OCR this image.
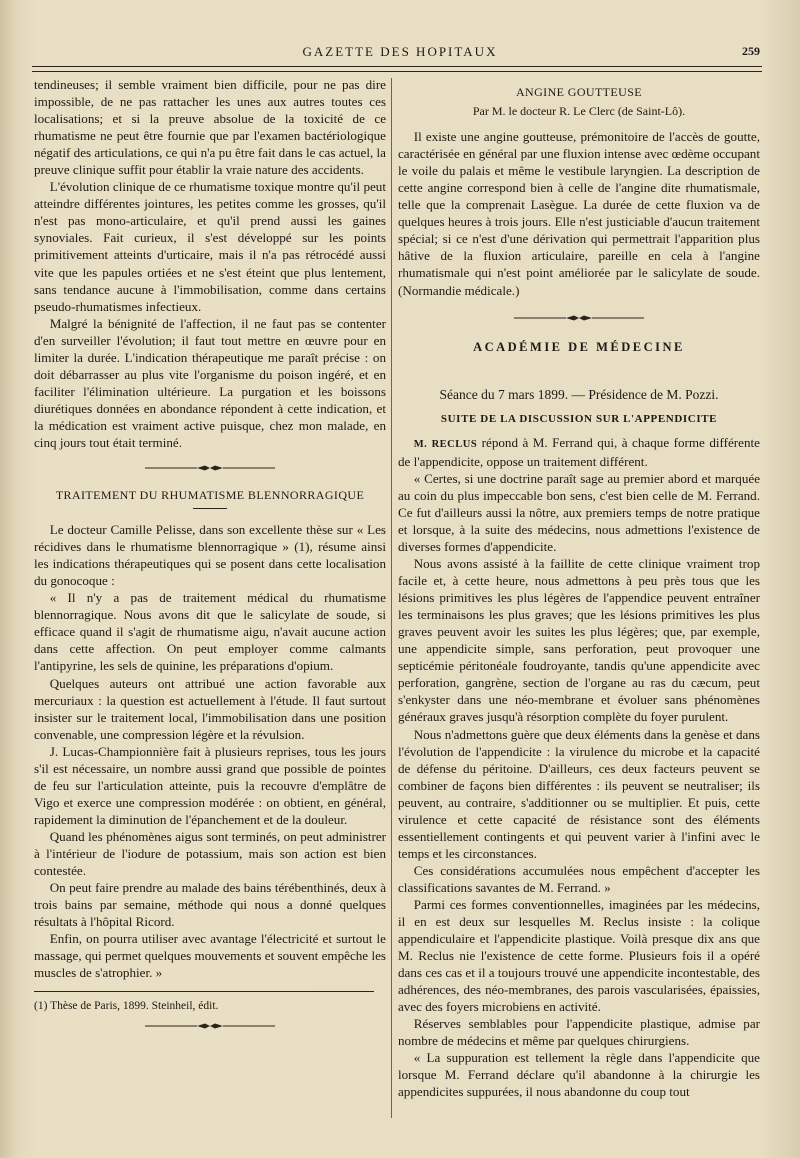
GAZETTE DES HOPITAUX	259

tendineuses; il semble vraiment bien difficile, pour ne pas dire impossible, de ne pas rattacher les unes aux autres toutes ces localisations; et si la preuve absolue de la toxicité de ce rhumatisme ne peut être fournie que par l'examen bactériologique négatif des articulations, ce qui n'a pu être fait dans le cas actuel, la preuve clinique suffit pour établir la vraie nature des accidents.

L'évolution clinique de ce rhumatisme toxique montre qu'il peut atteindre différentes jointures, les petites comme les grosses, qu'il n'est pas mono-articulaire, et qu'il prend aussi les gaines synoviales. Fait curieux, il s'est développé sur les points primitivement atteints d'urticaire, mais il n'a pas rétrocédé aussi vite que les papules ortiées et ne s'est éteint que plus lentement, sans tendance aucune à l'immobilisation, comme dans certains pseudo-rhumatismes infectieux.

Malgré la bénignité de l'affection, il ne faut pas se contenter d'en surveiller l'évolution; il faut tout mettre en œuvre pour en limiter la durée. L'indication thérapeutique me paraît précise : on doit débarrasser au plus vite l'organisme du poison ingéré, et en faciliter l'élimination ultérieure. La purgation et les boissons diurétiques données en abondance répondent à cette indication, et la médication est vraiment active puisque, chez mon malade, en cinq jours tout était terminé.

TRAITEMENT DU RHUMATISME BLENNORRAGIQUE

Le docteur Camille Pelisse, dans son excellente thèse sur « Les récidives dans le rhumatisme blennorragique » (1), résume ainsi les indications thérapeutiques qui se posent dans cette localisation du gonocoque :

« Il n'y a pas de traitement médical du rhumatisme blennorragique. Nous avons dit que le salicylate de soude, si efficace quand il s'agit de rhumatisme aigu, n'avait aucune action dans cette affection. On peut employer comme calmants l'antipyrine, les sels de quinine, les préparations d'opium.

Quelques auteurs ont attribué une action favorable aux mercuriaux : la question est actuellement à l'étude. Il faut surtout insister sur le traitement local, l'immobilisation dans une position convenable, une compression légère et la révulsion.

J. Lucas-Championnière fait à plusieurs reprises, tous les jours s'il est nécessaire, un nombre aussi grand que possible de pointes de feu sur l'articulation atteinte, puis la recouvre d'emplâtre de Vigo et exerce une compression modérée : on obtient, en général, rapidement la diminution de l'épanchement et de la douleur.

Quand les phénomènes aigus sont terminés, on peut administrer à l'intérieur de l'iodure de potassium, mais son action est bien contestée.

On peut faire prendre au malade des bains térébenthinés, deux à trois bains par semaine, méthode qui nous a donné quelques résultats à l'hôpital Ricord.

Enfin, on pourra utiliser avec avantage l'électricité et surtout le massage, qui permet quelques mouvements et souvent empêche les muscles de s'atrophier. »

(1) Thèse de Paris, 1899. Steinheil, édit.

ANGINE GOUTTEUSE

Par M. le docteur R. Le Clerc (de Saint-Lô).

Il existe une angine goutteuse, prémonitoire de l'accès de goutte, caractérisée en général par une fluxion intense avec œdème occupant le voile du palais et même le vestibule laryngien. La description de cette angine correspond bien à celle de l'angine dite rhumatismale, telle que la comprenait Lasègue. La durée de cette fluxion va de quelques heures à trois jours. Elle n'est justiciable d'aucun traitement spécial; si ce n'est d'une dérivation qui permettrait l'apparition plus hâtive de la fluxion articulaire, pareille en cela à l'angine rhumatismale qui n'est point améliorée par le salicylate de soude. (Normandie médicale.)

ACADÉMIE DE MÉDECINE

Séance du 7 mars 1899. — Présidence de M. Pozzi.

SUITE DE LA DISCUSSION SUR L'APPENDICITE

M. RECLUS répond à M. Ferrand qui, à chaque forme différente de l'appendicite, oppose un traitement différent.

« Certes, si une doctrine paraît sage au premier abord et marquée au coin du plus impeccable bon sens, c'est bien celle de M. Ferrand. Ce fut d'ailleurs aussi la nôtre, aux premiers temps de notre pratique et lorsque, à la suite des médecins, nous admettions l'existence de diverses formes d'appendicite.

Nous avons assisté à la faillite de cette clinique vraiment trop facile et, à cette heure, nous admettons à peu près tous que les lésions primitives les plus légères de l'appendice peuvent entraîner les terminaisons les plus graves; que les lésions primitives les plus graves peuvent avoir les suites les plus légères; que, par exemple, une appendicite simple, sans perforation, peut provoquer une septicémie péritonéale foudroyante, tandis qu'une appendicite avec perforation, gangrène, section de l'organe au ras du cæcum, peut s'enkyster dans une néo-membrane et évoluer sans phénomènes généraux graves jusqu'à résorption complète du foyer purulent.

Nous n'admettons guère que deux éléments dans la genèse et dans l'évolution de l'appendicite : la virulence du microbe et la capacité de défense du péritoine. D'ailleurs, ces deux facteurs peuvent se combiner de façons bien différentes : ils peuvent se neutraliser; ils peuvent, au contraire, s'additionner ou se multiplier. Et puis, cette virulence et cette capacité de résistance sont des éléments essentiellement contingents et qui peuvent varier à l'infini avec le temps et les circonstances.

Ces considérations accumulées nous empêchent d'accepter les classifications savantes de M. Ferrand. »

Parmi ces formes conventionnelles, imaginées par les médecins, il en est deux sur lesquelles M. Reclus insiste : la colique appendiculaire et l'appendicite plastique. Voilà presque dix ans que M. Reclus nie l'existence de cette forme. Plusieurs fois il a opéré dans ces cas et il a toujours trouvé une appendicite incontestable, des adhérences, des néo-membranes, des parois vascularisées, épaissies, avec des foyers microbiens en activité.

Réserves semblables pour l'appendicite plastique, admise par nombre de médecins et même par quelques chirurgiens.

« La suppuration est tellement la règle dans l'appendicite que lorsque M. Ferrand déclare qu'il abandonne à la chirurgie les appendicites suppurées, il nous abandonne du coup tout
